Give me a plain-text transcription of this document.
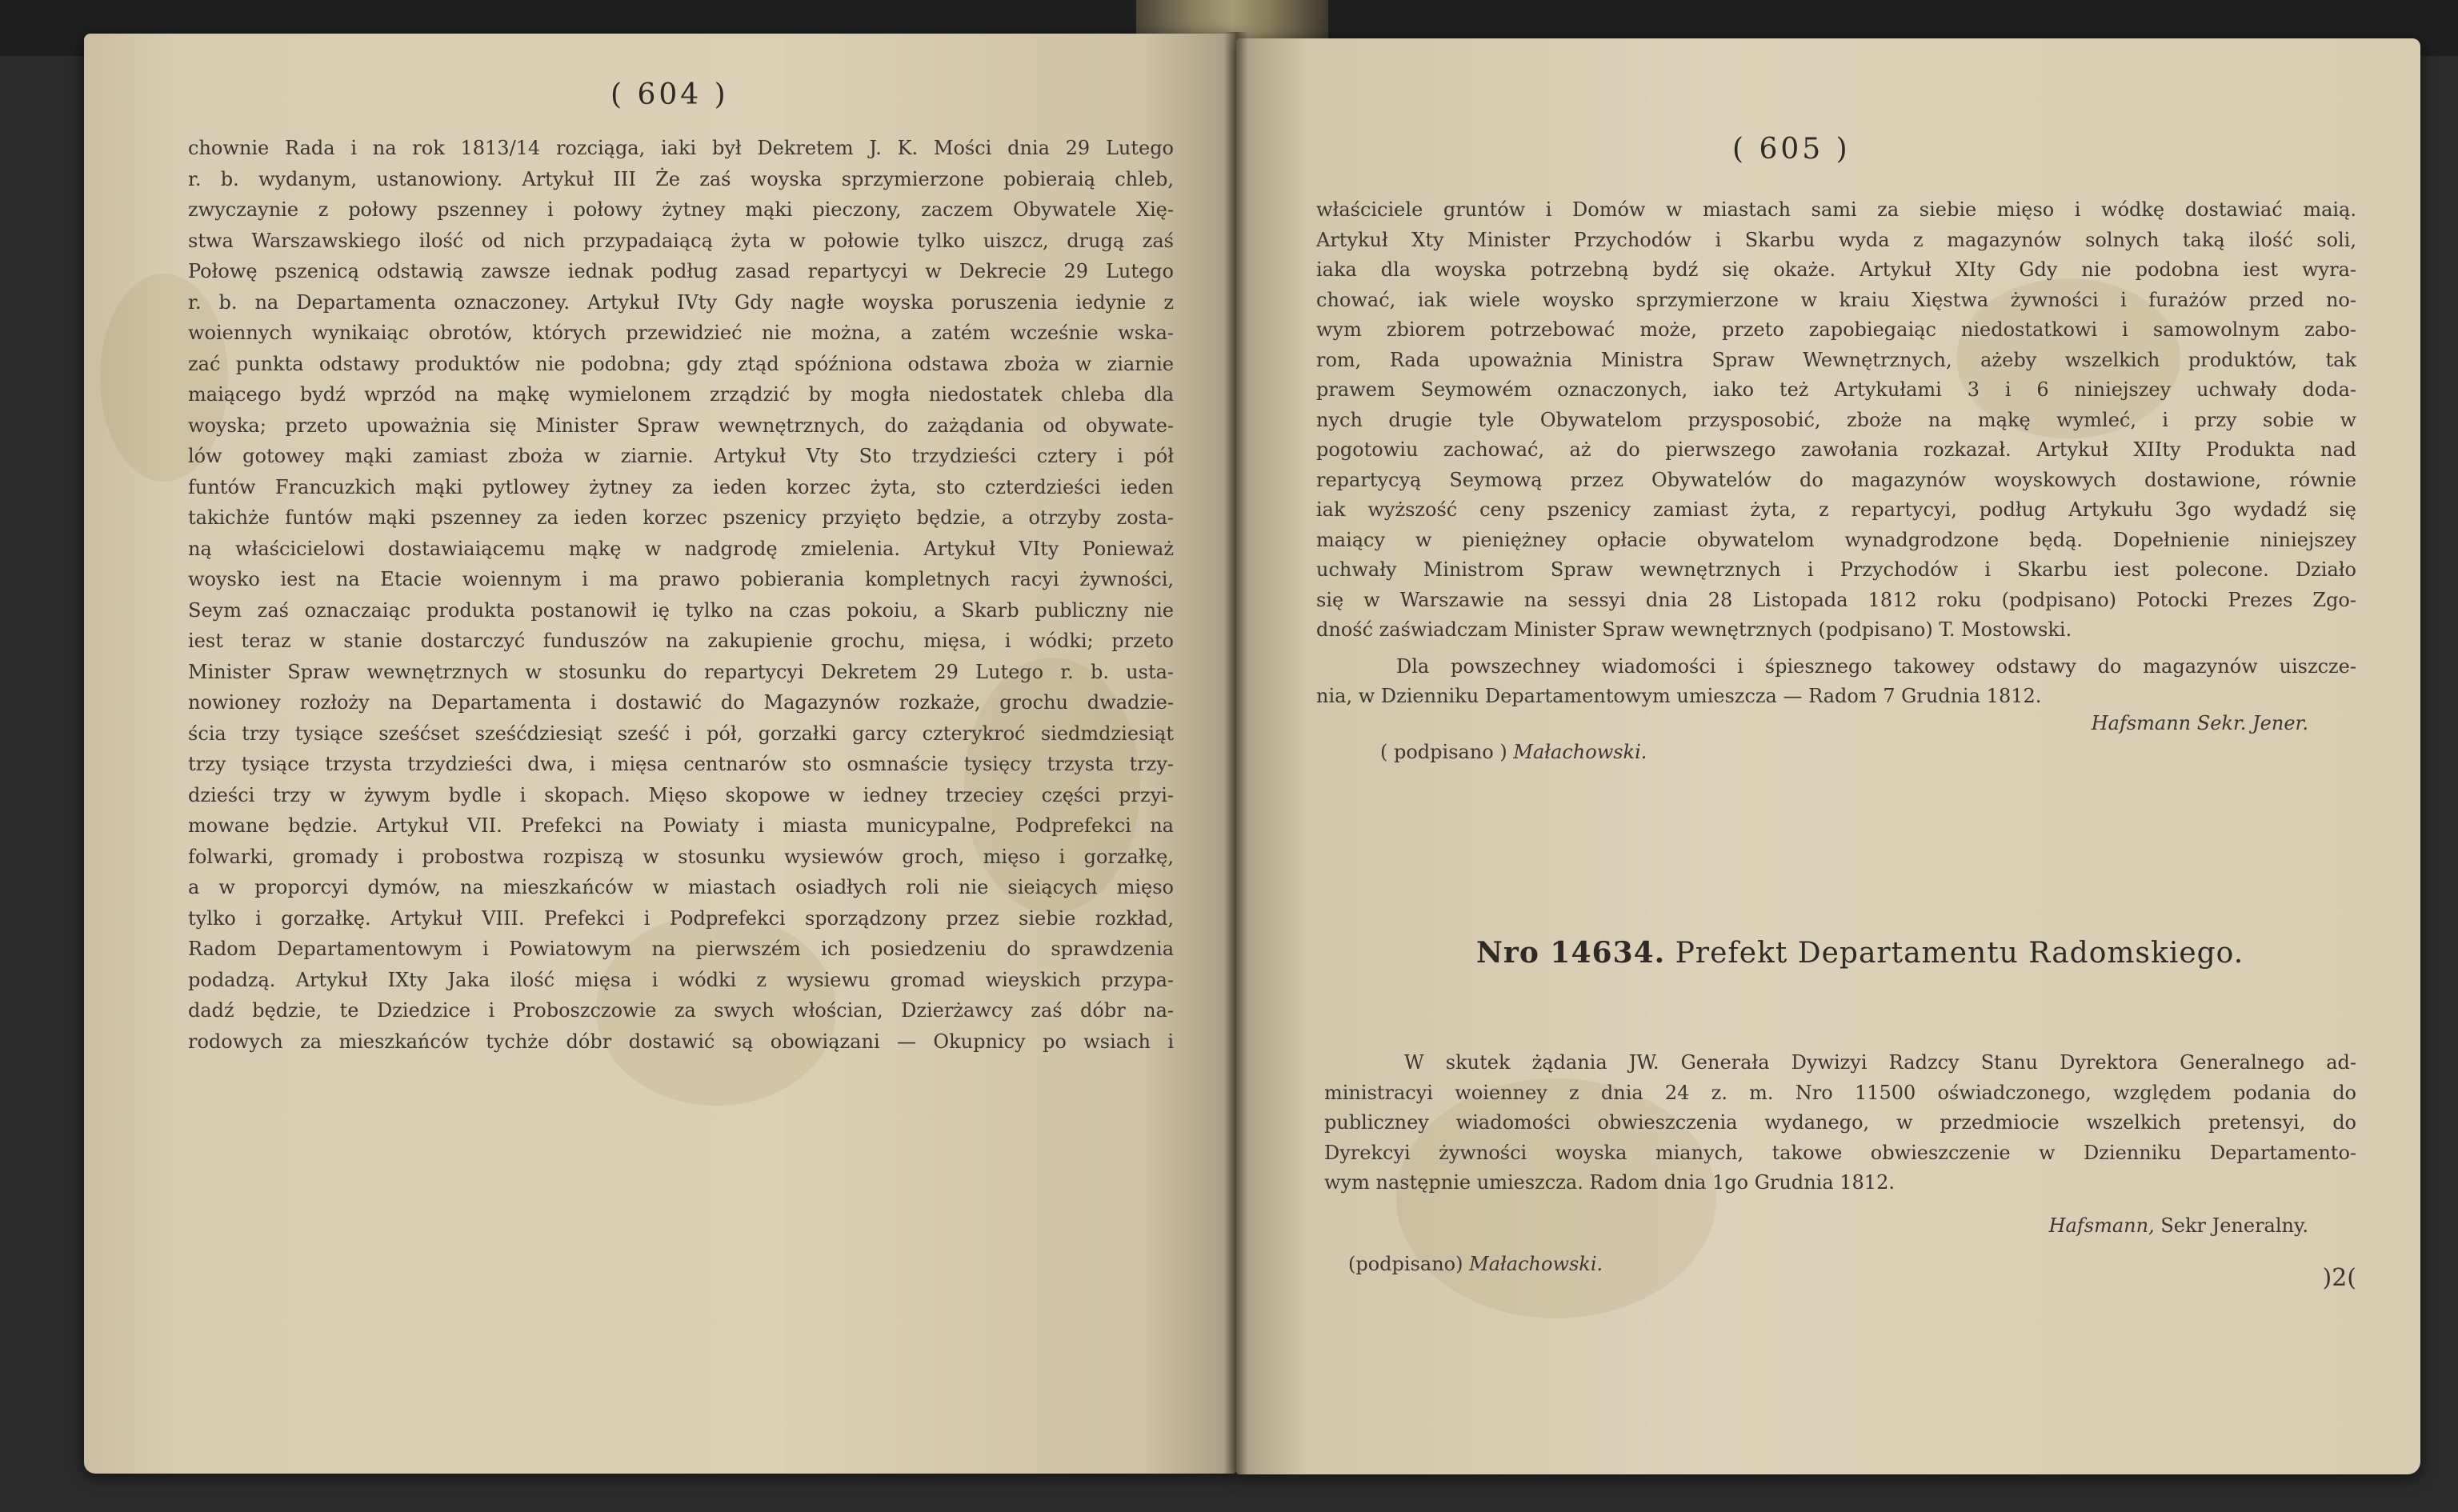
( 604 )
chownie Rada i na rok 1813/14 rozciąga, iaki był Dekretem J. K. Mości dnia 29 Lutego
r. b. wydanym, ustanowiony. Artykuł III Że zaś woyska sprzymierzone pobieraią chleb,
zwyczaynie z połowy pszenney i połowy żytney mąki pieczony, zaczem Obywatele Xię-
stwa Warszawskiego ilość od nich przypadaiącą żyta w połowie tylko uiszcz, drugą zaś
Połowę pszenicą odstawią zawsze iednak podług zasad repartycyi w Dekrecie 29 Lutego
r. b. na Departamenta oznaczoney. Artykuł IVty Gdy nagłe woyska poruszenia iedynie z
woiennych wynikaiąc obrotów, których przewidzieć nie można, a zatém wcześnie wska-
zać punkta odstawy produktów nie podobna; gdy ztąd spóźniona odstawa zboża w ziarnie
maiącego bydź wprzód na mąkę wymielonem zrządzić by mogła niedostatek chleba dla
woyska; przeto upoważnia się Minister Spraw wewnętrznych, do zażądania od obywate-
lów gotowey mąki zamiast zboża w ziarnie. Artykuł Vty Sto trzydzieści cztery i pół
funtów Francuzkich mąki pytlowey żytney za ieden korzec żyta, sto czterdzieści ieden
takichże funtów mąki pszenney za ieden korzec pszenicy przyięto będzie, a otrzyby zosta-
ną właścicielowi dostawiaiącemu mąkę w nadgrodę zmielenia. Artykuł VIty Ponieważ
woysko iest na Etacie woiennym i ma prawo pobierania kompletnych racyi żywności,
Seym zaś oznaczaiąc produkta postanowił ię tylko na czas pokoiu, a Skarb publiczny nie
iest teraz w stanie dostarczyć funduszów na zakupienie grochu, mięsa, i wódki; przeto
Minister Spraw wewnętrznych w stosunku do repartycyi Dekretem 29 Lutego r. b. usta-
nowioney rozłoży na Departamenta i dostawić do Magazynów rozkaże, grochu dwadzie-
ścia trzy tysiące sześćset sześćdziesiąt sześć i pół, gorzałki garcy czterykroć siedmdziesiąt
trzy tysiące trzysta trzydzieści dwa, i mięsa centnarów sto osmnaście tysięcy trzysta trzy-
dzieści trzy w żywym bydle i skopach. Mięso skopowe w iedney trzeciey części przyi-
mowane będzie. Artykuł VII. Prefekci na Powiaty i miasta municypalne, Podprefekci na
folwarki, gromady i probostwa rozpiszą w stosunku wysiewów groch, mięso i gorzałkę,
a w proporcyi dymów, na mieszkańców w miastach osiadłych roli nie sieiących mięso
tylko i gorzałkę. Artykuł VIII. Prefekci i Podprefekci sporządzony przez siebie rozkład,
Radom Departamentowym i Powiatowym na pierwszém ich posiedzeniu do sprawdzenia
podadzą. Artykuł IXty Jaka ilość mięsa i wódki z wysiewu gromad wieyskich przypa-
dadź będzie, te Dziedzice i Proboszczowie za swych włościan, Dzierżawcy zaś dóbr na-
rodowych za mieszkańców tychże dóbr dostawić są obowiązani — Okupnicy po wsiach i
( 605 )
właściciele gruntów i Domów w miastach sami za siebie mięso i wódkę dostawiać maią.
Artykuł Xty Minister Przychodów i Skarbu wyda z magazynów solnych taką ilość soli,
iaka dla woyska potrzebną bydź się okaże. Artykuł XIty Gdy nie podobna iest wyra-
chować, iak wiele woysko sprzymierzone w kraiu Xięstwa żywności i furażów przed no-
wym zbiorem potrzebować może, przeto zapobiegaiąc niedostatkowi i samowolnym zabo-
rom, Rada upoważnia Ministra Spraw Wewnętrznych, ażeby wszelkich produktów, tak
prawem Seymowém oznaczonych, iako też Artykułami 3 i 6 niniejszey uchwały doda-
nych drugie tyle Obywatelom przysposobić, zboże na mąkę wymleć, i przy sobie w
pogotowiu zachować, aż do pierwszego zawołania rozkazał. Artykuł XIIty Produkta nad
repartycyą Seymową przez Obywatelów do magazynów woyskowych dostawione, równie
iak wyższość ceny pszenicy zamiast żyta, z repartycyi, podług Artykułu 3go wydadź się
maiący w pieniężney opłacie obywatelom wynadgrodzone będą. Dopełnienie niniejszey
uchwały Ministrom Spraw wewnętrznych i Przychodów i Skarbu iest polecone. Działo
się w Warszawie na sessyi dnia 28 Listopada 1812 roku (podpisano) Potocki Prezes Zgo-
dność zaświadczam Minister Spraw wewnętrznych (podpisano) T. Mostowski.
Dla powszechney wiadomości i śpiesznego takowey odstawy do magazynów uiszcze-
nia, w Dzienniku Departamentowym umieszcza — Radom 7 Grudnia 1812.
Hafsmann Sekr. Jener.
( podpisano ) Małachowski.
Nro 14634. Prefekt Departamentu Radomskiego.
W skutek żądania JW. Generała Dywizyi Radzcy Stanu Dyrektora Generalnego ad-
ministracyi woienney z dnia 24 z. m. Nro 11500 oświadczonego, względem podania do
publiczney wiadomości obwieszczenia wydanego, w przedmiocie wszelkich pretensyi, do
Dyrekcyi żywności woyska mianych, takowe obwieszczenie w Dzienniku Departamento-
wym następnie umieszcza. Radom dnia 1go Grudnia 1812.
Hafsmann, Sekr Jeneralny.
(podpisano) Małachowski.	)2(
